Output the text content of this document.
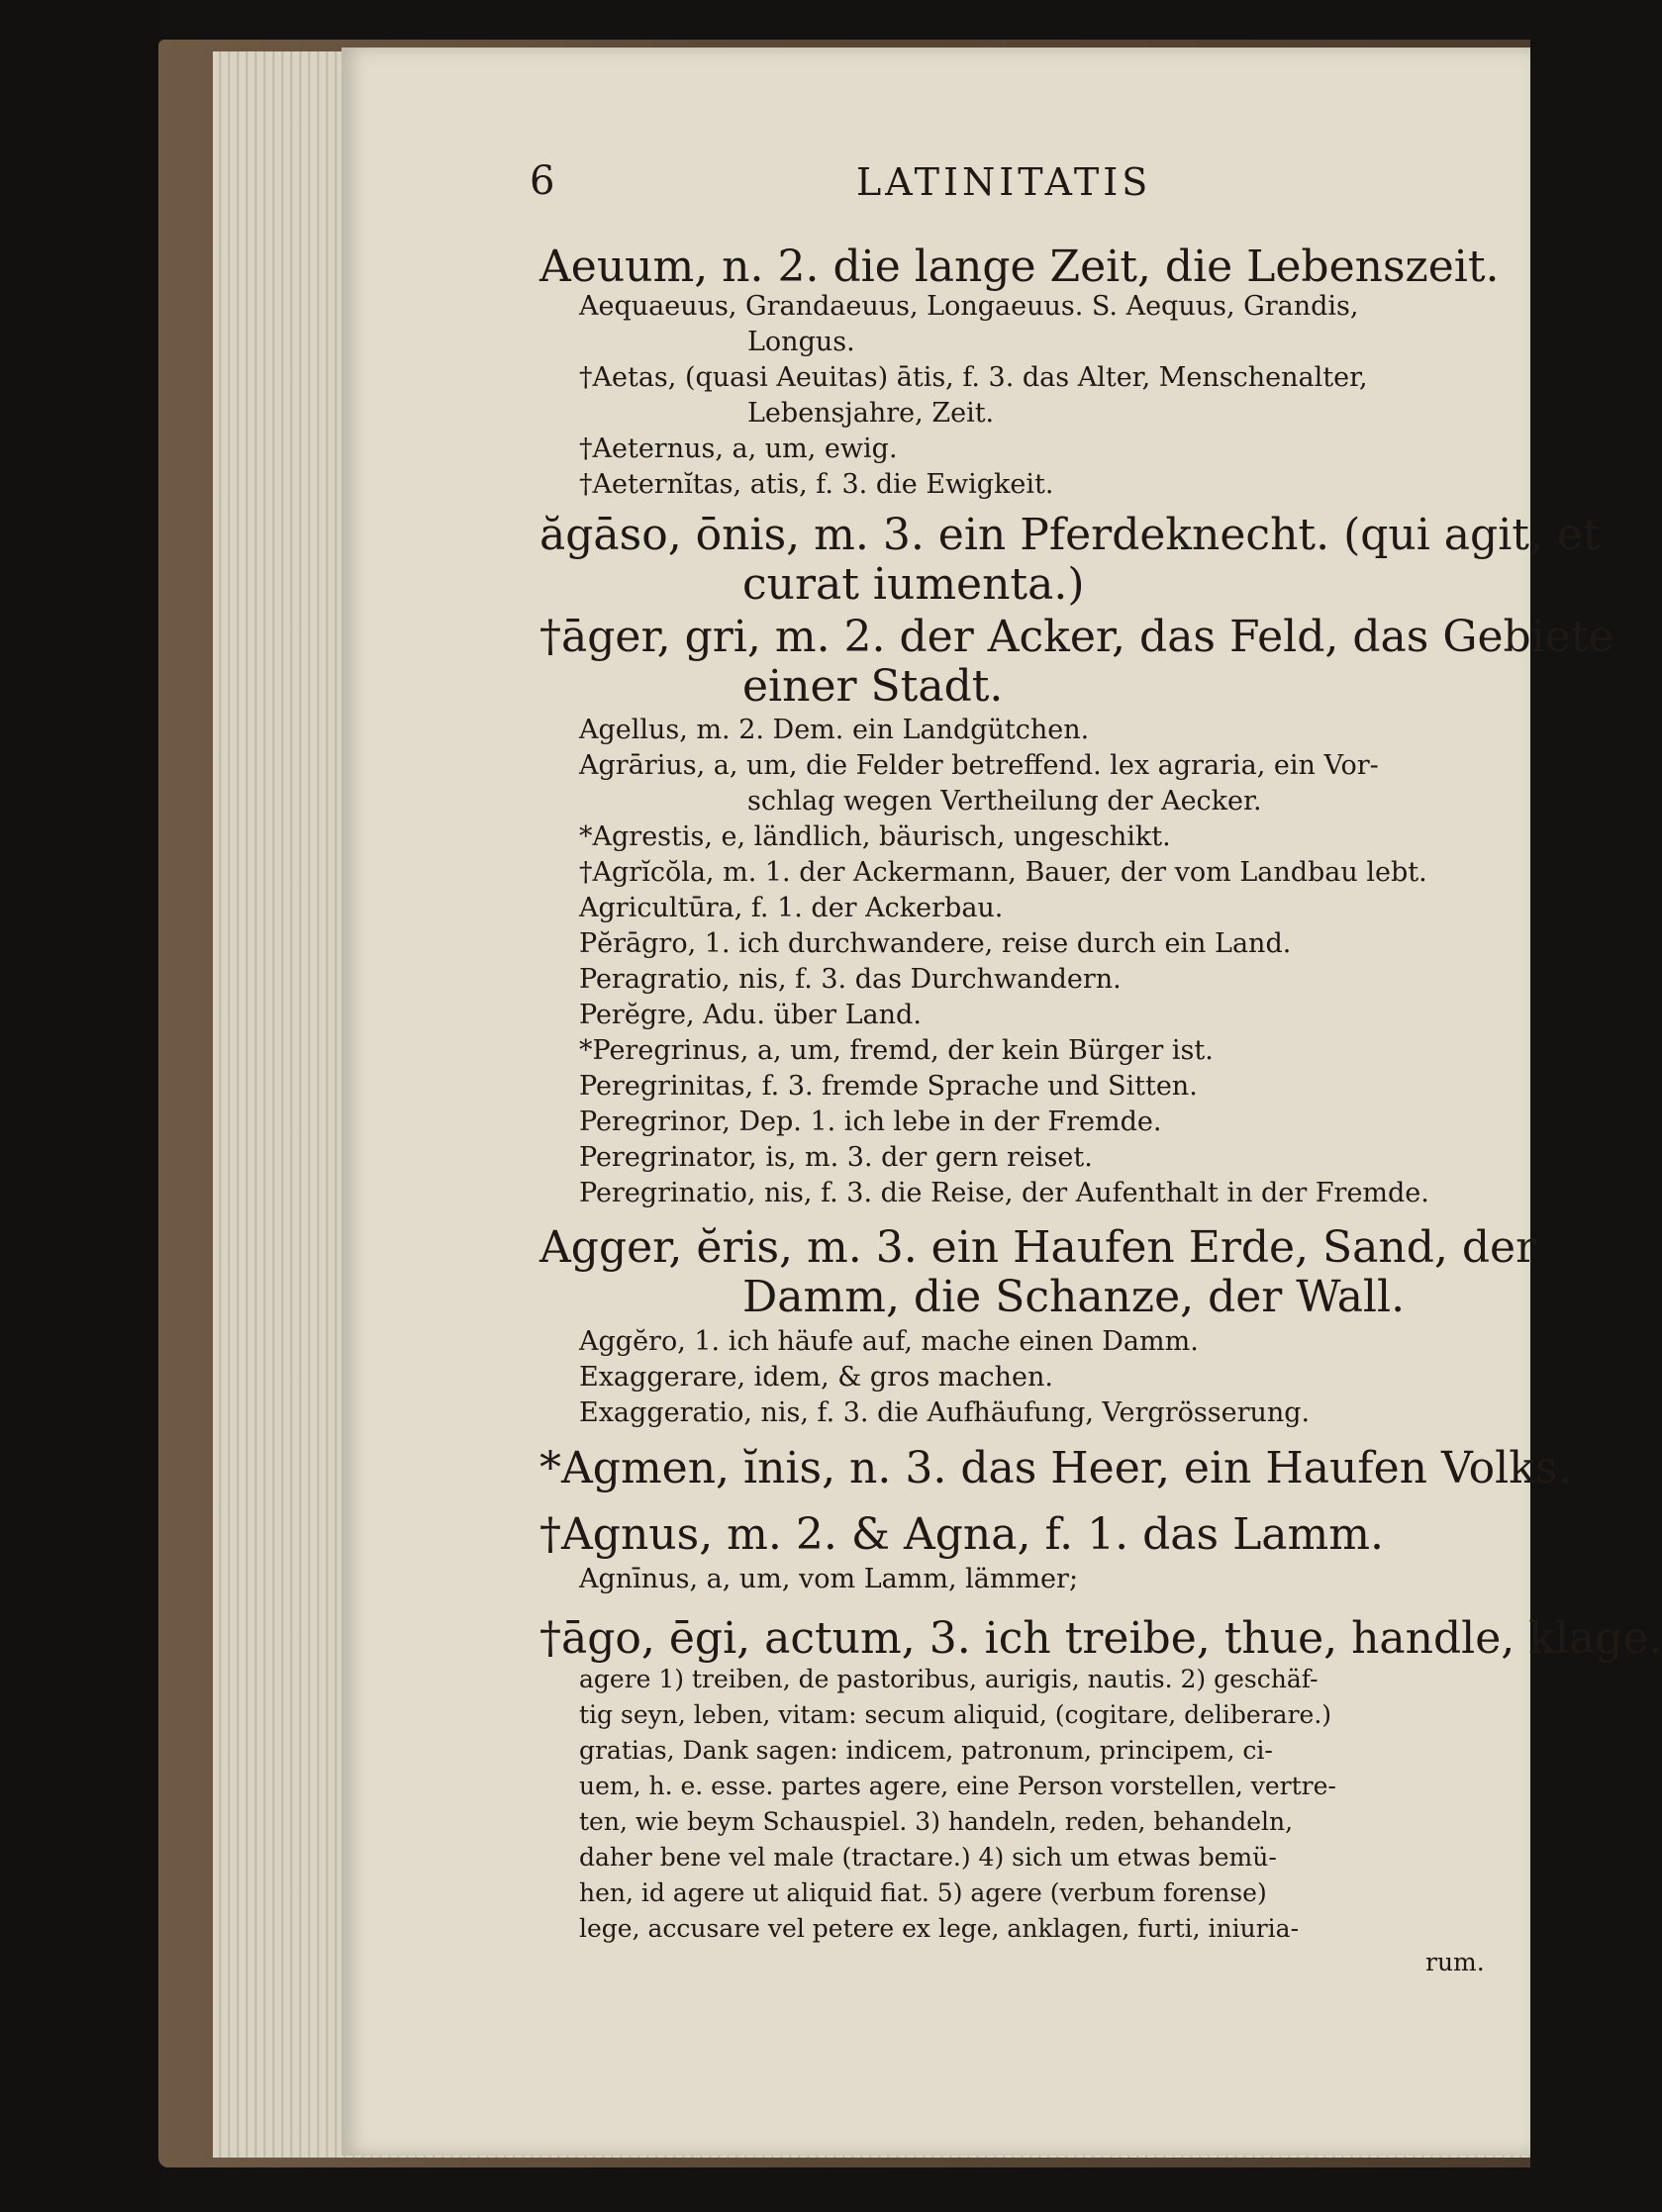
6	LATINITATIS
Aeuum, n. 2. die lange Zeit, die Lebenszeit.
Aequaeuus, Grandaeuus, Longaeuus. S. Aequus, Grandis,
Longus.
†Aetas, (quasi Aeuitas) ātis, f. 3. das Alter, Menschenalter,
Lebensjahre, Zeit.
†Aeternus, a, um, ewig.
†Aeternĭtas, atis, f. 3. die Ewigkeit.
ăgāso, ōnis, m. 3. ein Pferdeknecht. (qui agit, et
curat iumenta.)
†āger, gri, m. 2. der Acker, das Feld, das Gebiete
einer Stadt.
Agellus, m. 2. Dem. ein Landgütchen.
Agrārius, a, um, die Felder betreffend. lex agraria, ein Vor-
schlag wegen Vertheilung der Aecker.
*Agrestis, e, ländlich, bäurisch, ungeschikt.
†Agrĭcŏla, m. 1. der Ackermann, Bauer, der vom Landbau lebt.
Agricultūra, f. 1. der Ackerbau.
Pĕrāgro, 1. ich durchwandere, reise durch ein Land.
Peragratio, nis, f. 3. das Durchwandern.
Perĕgre, Adu. über Land.
*Peregrinus, a, um, fremd, der kein Bürger ist.
Peregrinitas, f. 3. fremde Sprache und Sitten.
Peregrinor, Dep. 1. ich lebe in der Fremde.
Peregrinator, is, m. 3. der gern reiset.
Peregrinatio, nis, f. 3. die Reise, der Aufenthalt in der Fremde.
Agger, ĕris, m. 3. ein Haufen Erde, Sand, der
Damm, die Schanze, der Wall.
Aggĕro, 1. ich häufe auf, mache einen Damm.
Exaggerare, idem, & gros machen.
Exaggeratio, nis, f. 3. die Aufhäufung, Vergrösserung.
*Agmen, ĭnis, n. 3. das Heer, ein Haufen Volks.
†Agnus, m. 2. & Agna, f. 1. das Lamm.
Agnīnus, a, um, vom Lamm, lämmer;
†āgo, ēgi, actum, 3. ich treibe, thue, handle, klage.
agere 1) treiben, de pastoribus, aurigis, nautis. 2) geschäf-
tig seyn, leben, vitam: secum aliquid, (cogitare, deliberare.)
gratias, Dank sagen: indicem, patronum, principem, ci-
uem, h. e. esse. partes agere, eine Person vorstellen, vertre-
ten, wie beym Schauspiel. 3) handeln, reden, behandeln,
daher bene vel male (tractare.) 4) sich um etwas bemü-
hen, id agere ut aliquid fiat. 5) agere (verbum forense)
lege, accusare vel petere ex lege, anklagen, furti, iniuria-
rum.
